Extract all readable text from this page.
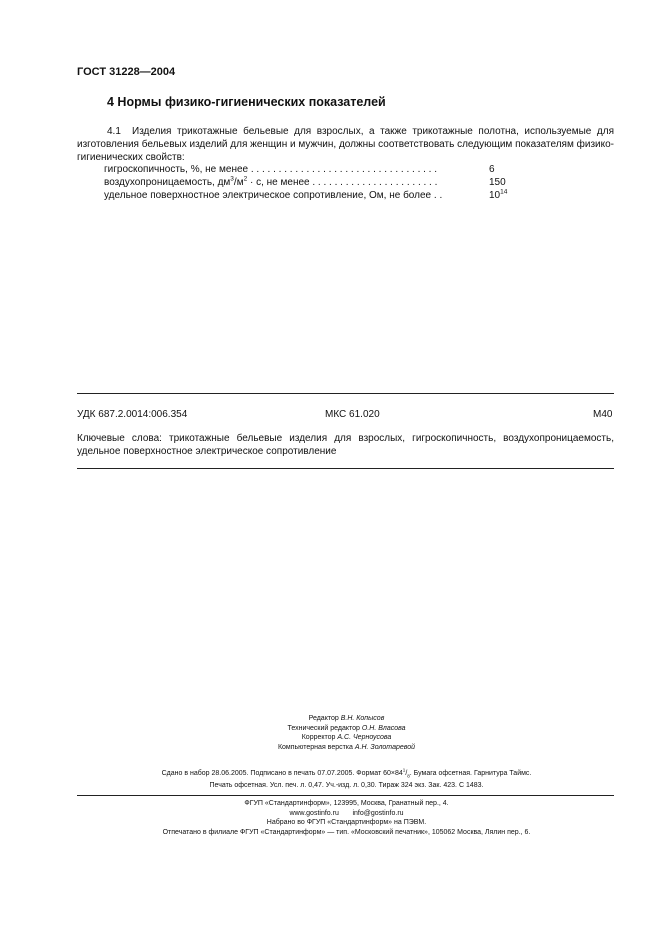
ГОСТ 31228—2004
4 Нормы физико-гигиенических показателей
4.1 Изделия трикотажные бельевые для взрослых, а также трикотажные полотна, используемые для изготовления бельевых изделий для женщин и мужчин, должны соответствовать следующим показателям физико-гигиенических свойств:
гигроскопичность, %, не менее . . . . . . . . . . . . . . . . . . . . . . . . . . . . . . . . . .	6
воздухопроницаемость, $дм^3/м^2 \cdot с$, не менее . . . . . . . . . . . . . . . . . . . . . . .	150
удельное поверхностное электрическое сопротивление, Ом, не более . .	$10^{14}$
УДК 687.2.0014:006.354	МКС 61.020	М40
Ключевые слова: трикотажные бельевые изделия для взрослых, гигроскопичность, воздухопроницаемость, удельное поверхностное электрическое сопротивление
Редактор В.Н. Копысов
Технический редактор О.Н. Власова
Корректор А.С. Черноусова
Компьютерная верстка А.Н. Золотаревой
Сдано в набор 28.06.2005. Подписано в печать 07.07.2005. Формат $60\times 84^1/_8$. Бумага офсетная. Гарнитура Таймс.
Печать офсетная. Усл. печ. л. 0,47. Уч.-изд. л. 0,30. Тираж 324 экз. Зак. 423. С 1483.
ФГУП «Стандартинформ», 123995, Москва, Гранатный пер., 4.
www.gostinfo.ru info@gostinfo.ru
Набрано во ФГУП «Стандартинформ» на ПЭВМ.
Отпечатано в филиале ФГУП «Стандартинформ» — тип. «Московский печатник», 105062 Москва, Лялин пер., 6.
